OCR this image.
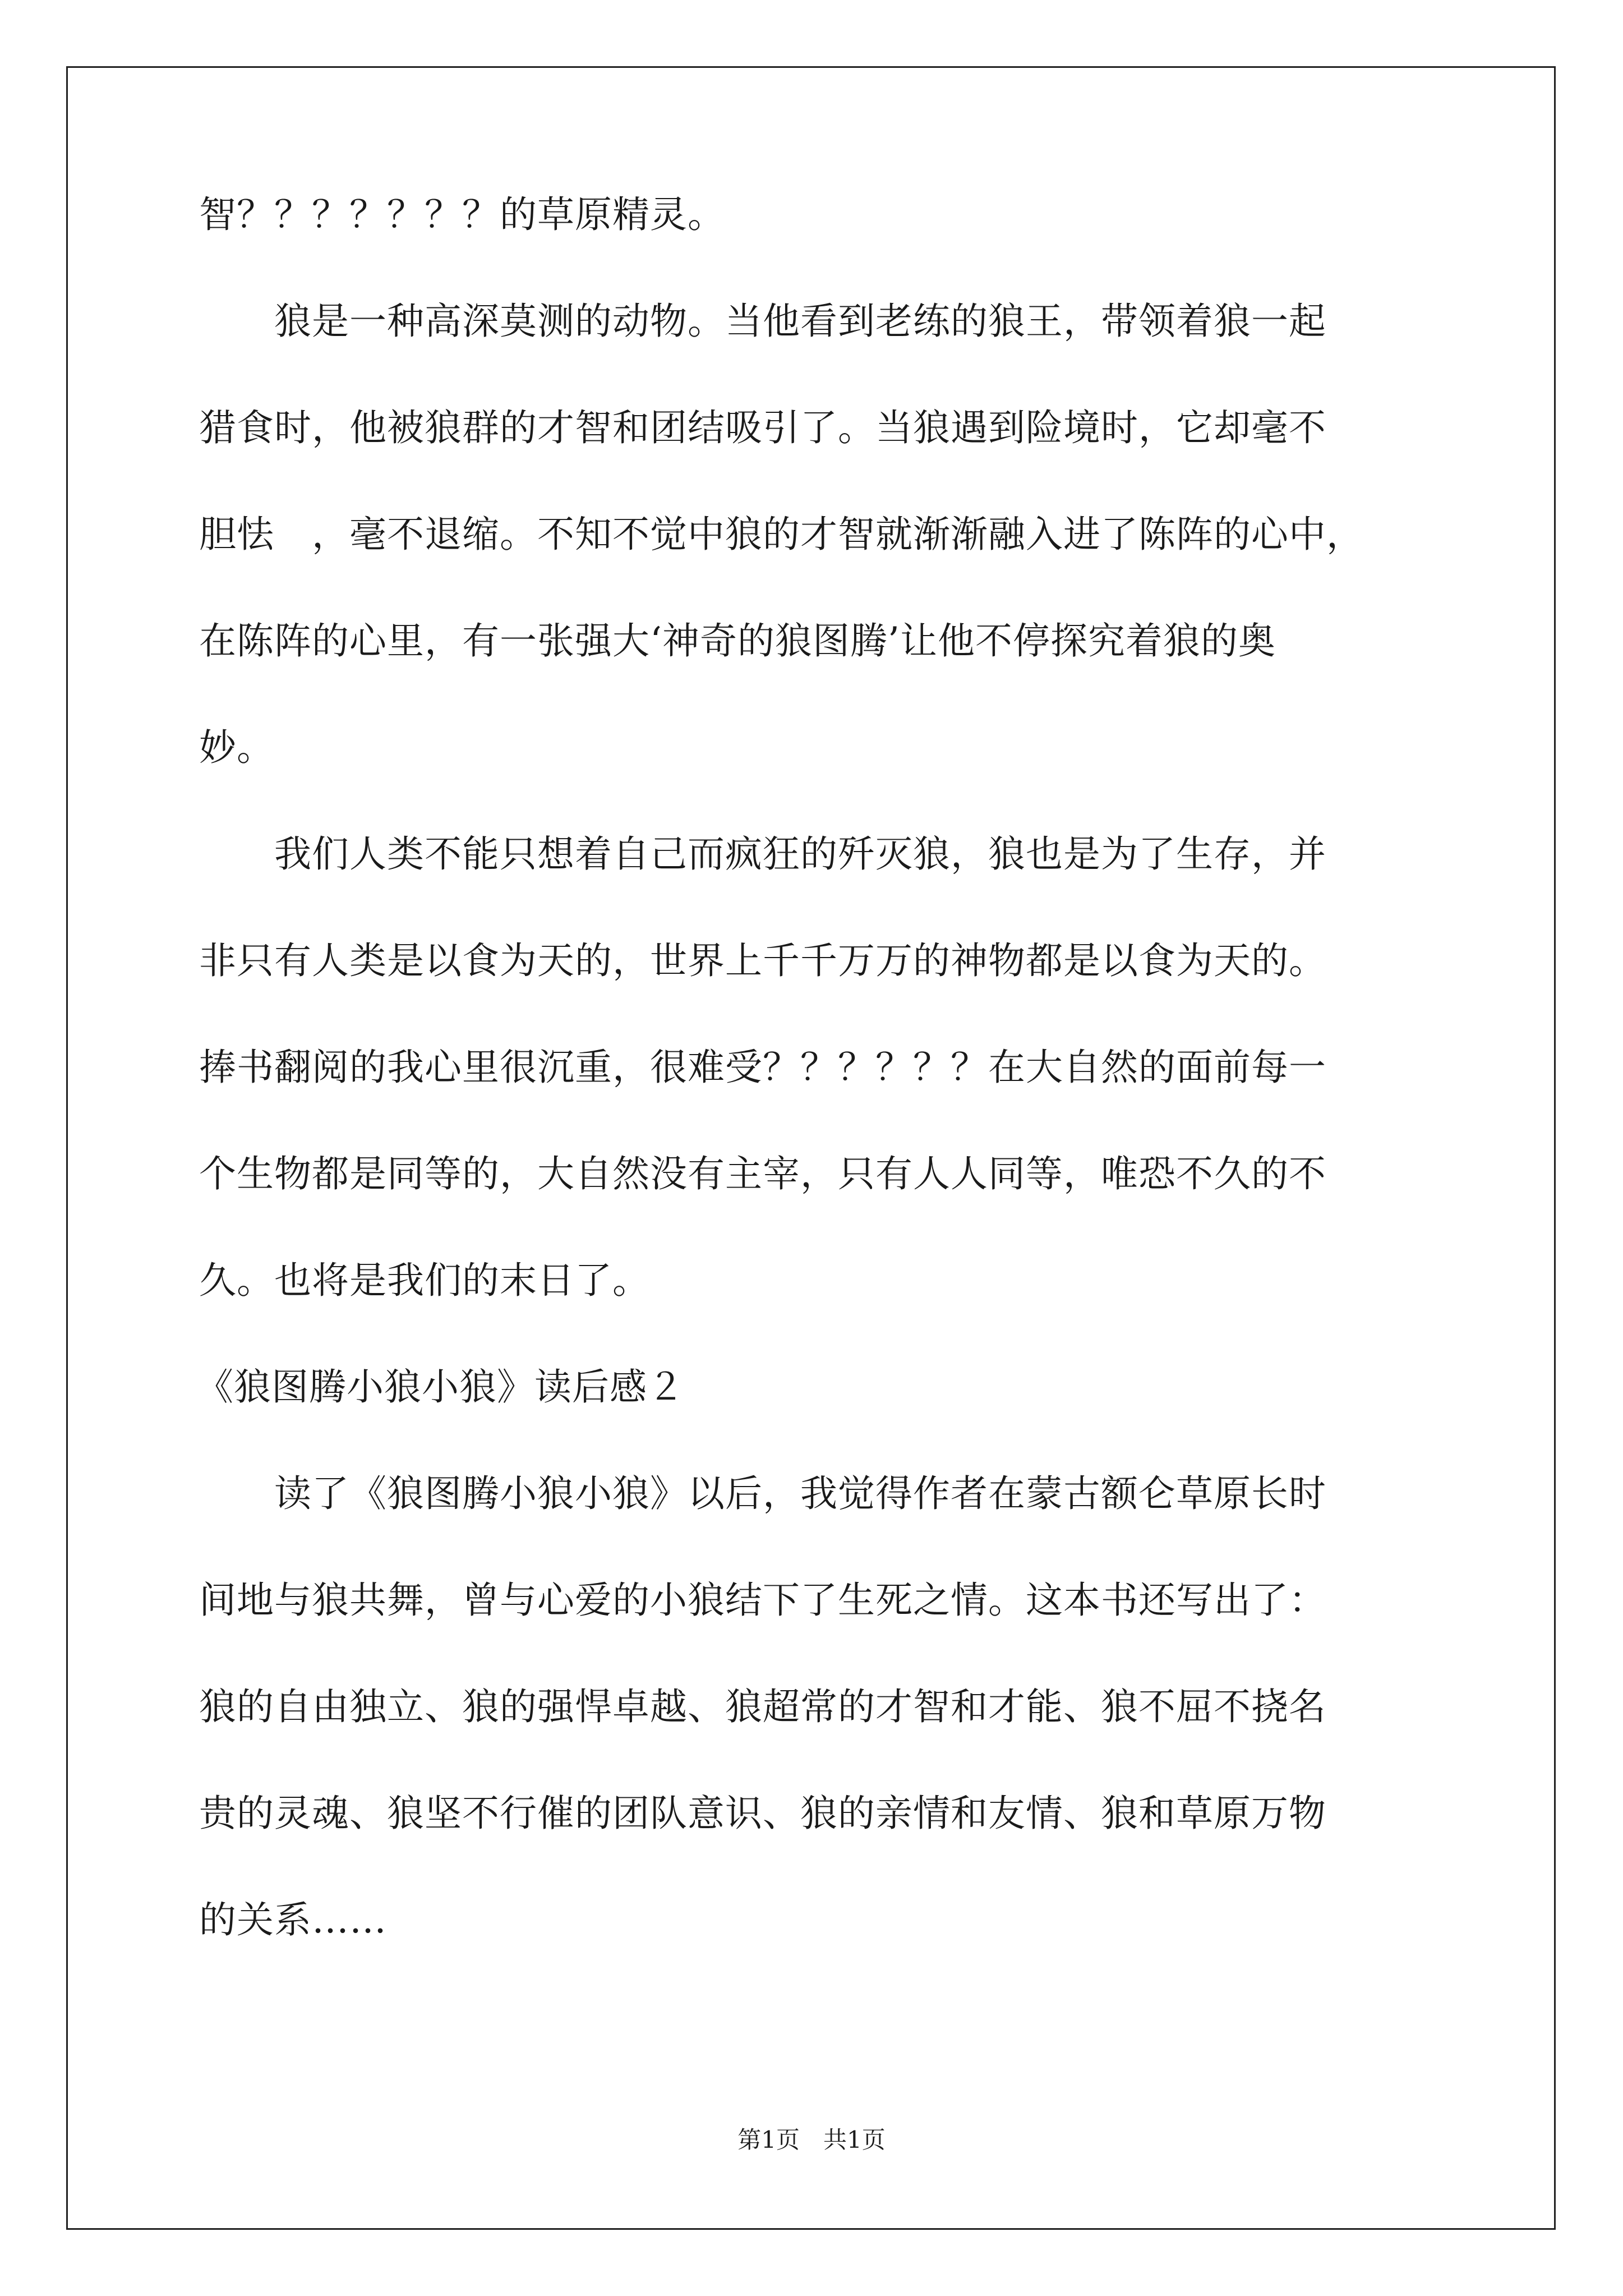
智？？？？？？？的草原精灵。
　　狼是一种高深莫测的动物。当他看到老练的狼王，带领着狼一起
猎食时，他被狼群的才智和团结吸引了。当狼遇到险境时，它却毫不
胆怯　，毫不退缩。不知不觉中狼的才智就渐渐融入进了陈阵的心中，
在陈阵的心里，有一张强大‘神奇的狼图腾’让他不停探究着狼的奥
妙。
　　我们人类不能只想着自己而疯狂的歼灭狼，狼也是为了生存，并
非只有人类是以食为天的，世界上千千万万的神物都是以食为天的。
捧书翻阅的我心里很沉重，很难受？？？？？？在大自然的面前每一
个生物都是同等的，大自然没有主宰，只有人人同等，唯恐不久的不
久。也将是我们的末日了。
《狼图腾小狼小狼》读后感２
　　读了《狼图腾小狼小狼》以后，我觉得作者在蒙古额仑草原长时
间地与狼共舞，曾与心爱的小狼结下了生死之情。这本书还写出了：
狼的自由独立、狼的强悍卓越、狼超常的才智和才能、狼不屈不挠名
贵的灵魂、狼坚不行催的团队意识、狼的亲情和友情、狼和草原万物
的关系……
第1页　共1页
